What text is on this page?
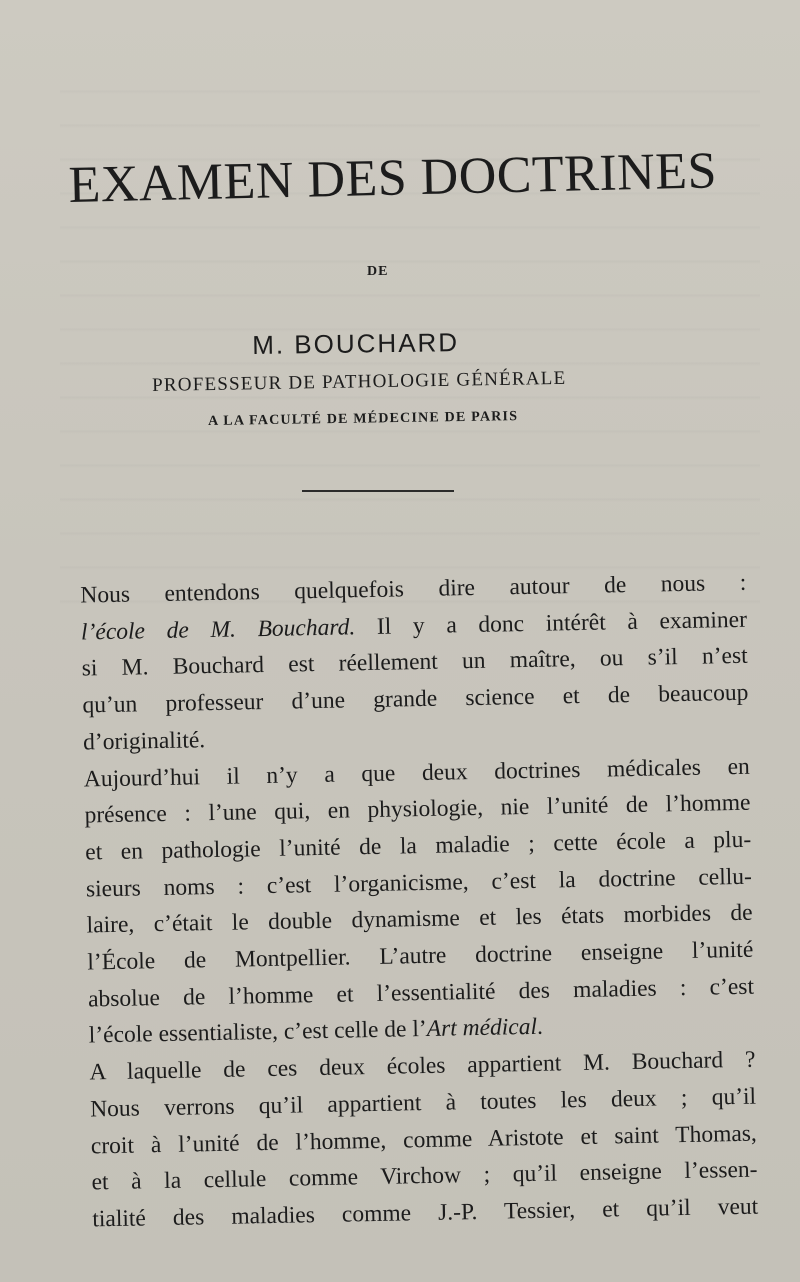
EXAMEN DES DOCTRINES
DE
M. BOUCHARD
PROFESSEUR DE PATHOLOGIE GÉNÉRALE
A LA FACULTÉ DE MÉDECINE DE PARIS

Nous entendons quelquefois dire autour de nous :
l’école de M. Bouchard. Il y a donc intérêt à examiner
si M. Bouchard est réellement un maître, ou s’il n’est
qu’un professeur d’une grande science et de beaucoup
d’originalité.

Aujourd’hui il n’y a que deux doctrines médicales en
présence : l’une qui, en physiologie, nie l’unité de l’homme
et en pathologie l’unité de la maladie ; cette école a plu-
sieurs noms : c’est l’organicisme, c’est la doctrine cellu-
laire, c’était le double dynamisme et les états morbides de
l’École de Montpellier. L’autre doctrine enseigne l’unité
absolue de l’homme et l’essentialité des maladies : c’est
l’école essentialiste, c’est celle de l’Art médical.

A laquelle de ces deux écoles appartient M. Bouchard ?
Nous verrons qu’il appartient à toutes les deux ; qu’il
croit à l’unité de l’homme, comme Aristote et saint Thomas,
et à la cellule comme Virchow ; qu’il enseigne l’essen-
tialité des maladies comme J.-P. Tessier, et qu’il veut
